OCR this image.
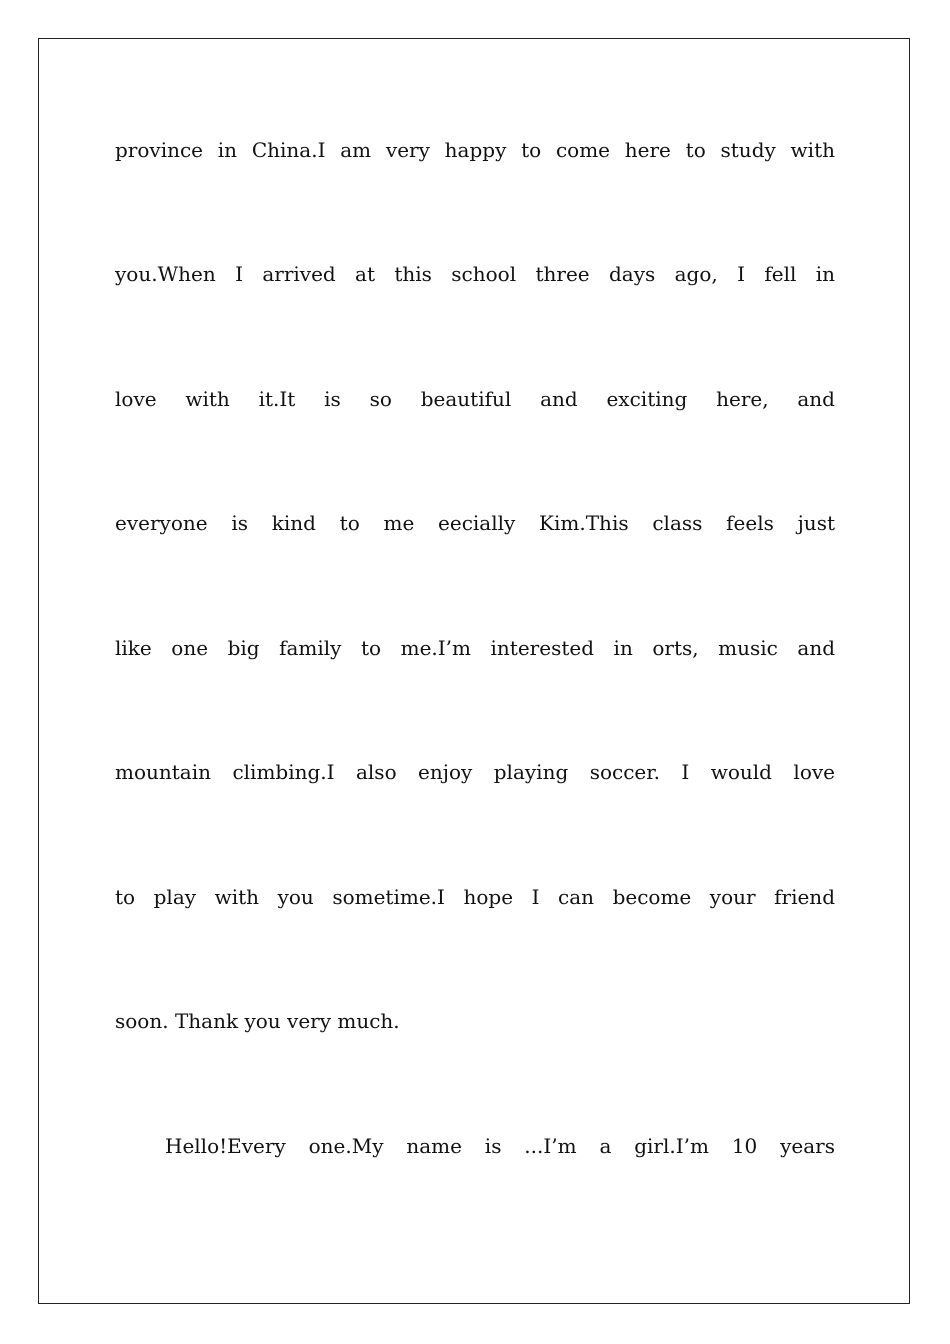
province in China.I am very happy to come here to study with
you.When I arrived at this school three days ago, I fell in
love with it.It is so beautiful and exciting here, and
everyone is kind to me eecially Kim.This class feels just
like one big family to me.I’m interested in orts, music and
mountain climbing.I also enjoy playing soccer. I would love
to play with you sometime.I hope I can become your friend
soon. Thank you very much.
Hello!Every one.My name is ...I’m a girl.I’m 10 years
